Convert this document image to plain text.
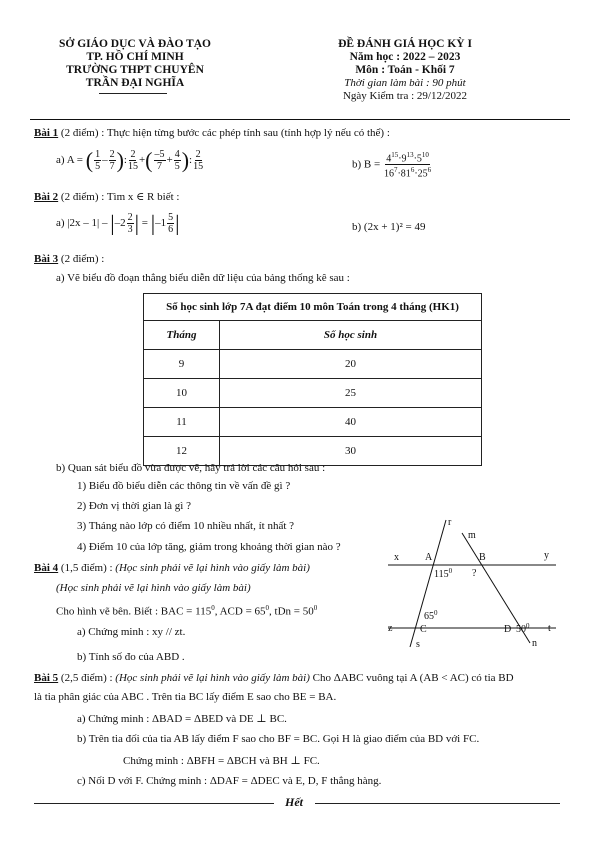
SỞ GIÁO DỤC VÀ ĐÀO TẠO
TP. HỒ CHÍ MINH
TRƯỜNG THPT CHUYÊN
TRẦN ĐẠI NGHĨA
ĐỀ ĐÁNH GIÁ HỌC KỲ I
Năm học : 2022 – 2023
Môn : Toán - Khối 7
Thời gian làm bài : 90 phút
Ngày Kiểm tra : 29/12/2022
Bài 1 (2 điểm) : Thực hiện từng bước các phép tính sau (tính hợp lý nếu có thể) :
a) A = ( $\frac{1}{5} - \frac{2}{7}$ ): $\frac{2}{15}$ +( $\frac{-5}{7} + \frac{4}{5}$ ): $\frac{2}{15}$	b) $B = \frac{4^{15}\cdot 9^{13}\cdot 5^{10}}{16^7\cdot 81^6\cdot 25^6}$
Bài 2 (2 điểm) : Tìm x ∈ R biết :
a) $|2x - 1| - |-2 \frac{2}{3}$ | = $|-1 \frac{5}{6}$ |	b) (2x + 1)² = 49
Bài 3 (2 điểm) :
a) Vẽ biểu đồ đoạn thẳng biểu diễn dữ liệu của bảng thống kê sau :
Số học sinh lớp 7A đạt điểm 10 môn Toán trong 4 tháng (HK1)	
Tháng	Số học sinh
9	20
10	25
11	40
12	30
b) Quan sát biểu đồ vừa được vẽ, hãy trả lời các câu hỏi sau :
1) Biểu đồ biểu diễn các thông tin về vấn đề gì ?
2) Đơn vị thời gian là gì ?
3) Tháng nào lớp có điểm 10 nhiều nhất, ít nhất ?
4) Điểm 10 của lớp tăng, giảm trong khoảng thời gian nào ?
Bài 4 (1,5 điểm) : (Học sinh phải vẽ lại hình vào giấy làm bài)
(Học sinh phải vẽ lại hình vào giấy làm bài)
Cho hình vẽ bên. Biết : BAC = $115^0$, ACD = $65^0$, tDn = $50^0$
a) Chứng minh : xy // zt.
b) Tính số đo của ABD .
x	y
z	t
r
m
s	n
A	B
C	D
$115^0$ ?
$65^0$
$50^0$
Bài 5 (2,5 điểm) : (Học sinh phải vẽ lại hình vào giấy làm bài) Cho ΔABC vuông tại A (AB < AC) có tia BD
là tia phân giác của ABC . Trên tia BC lấy điểm E sao cho BE = BA.
a) Chứng minh : ΔBAD = ΔBED và DE ⊥ BC.
b) Trên tia đối của tia AB lấy điểm F sao cho BF = BC. Gọi H là giao điểm của BD với FC.
Chứng minh : ΔBFH = ΔBCH và BH ⊥ FC.
c) Nối D với F. Chứng minh : ΔDAF = ΔDEC và E, D, F thẳng hàng.
Hết
